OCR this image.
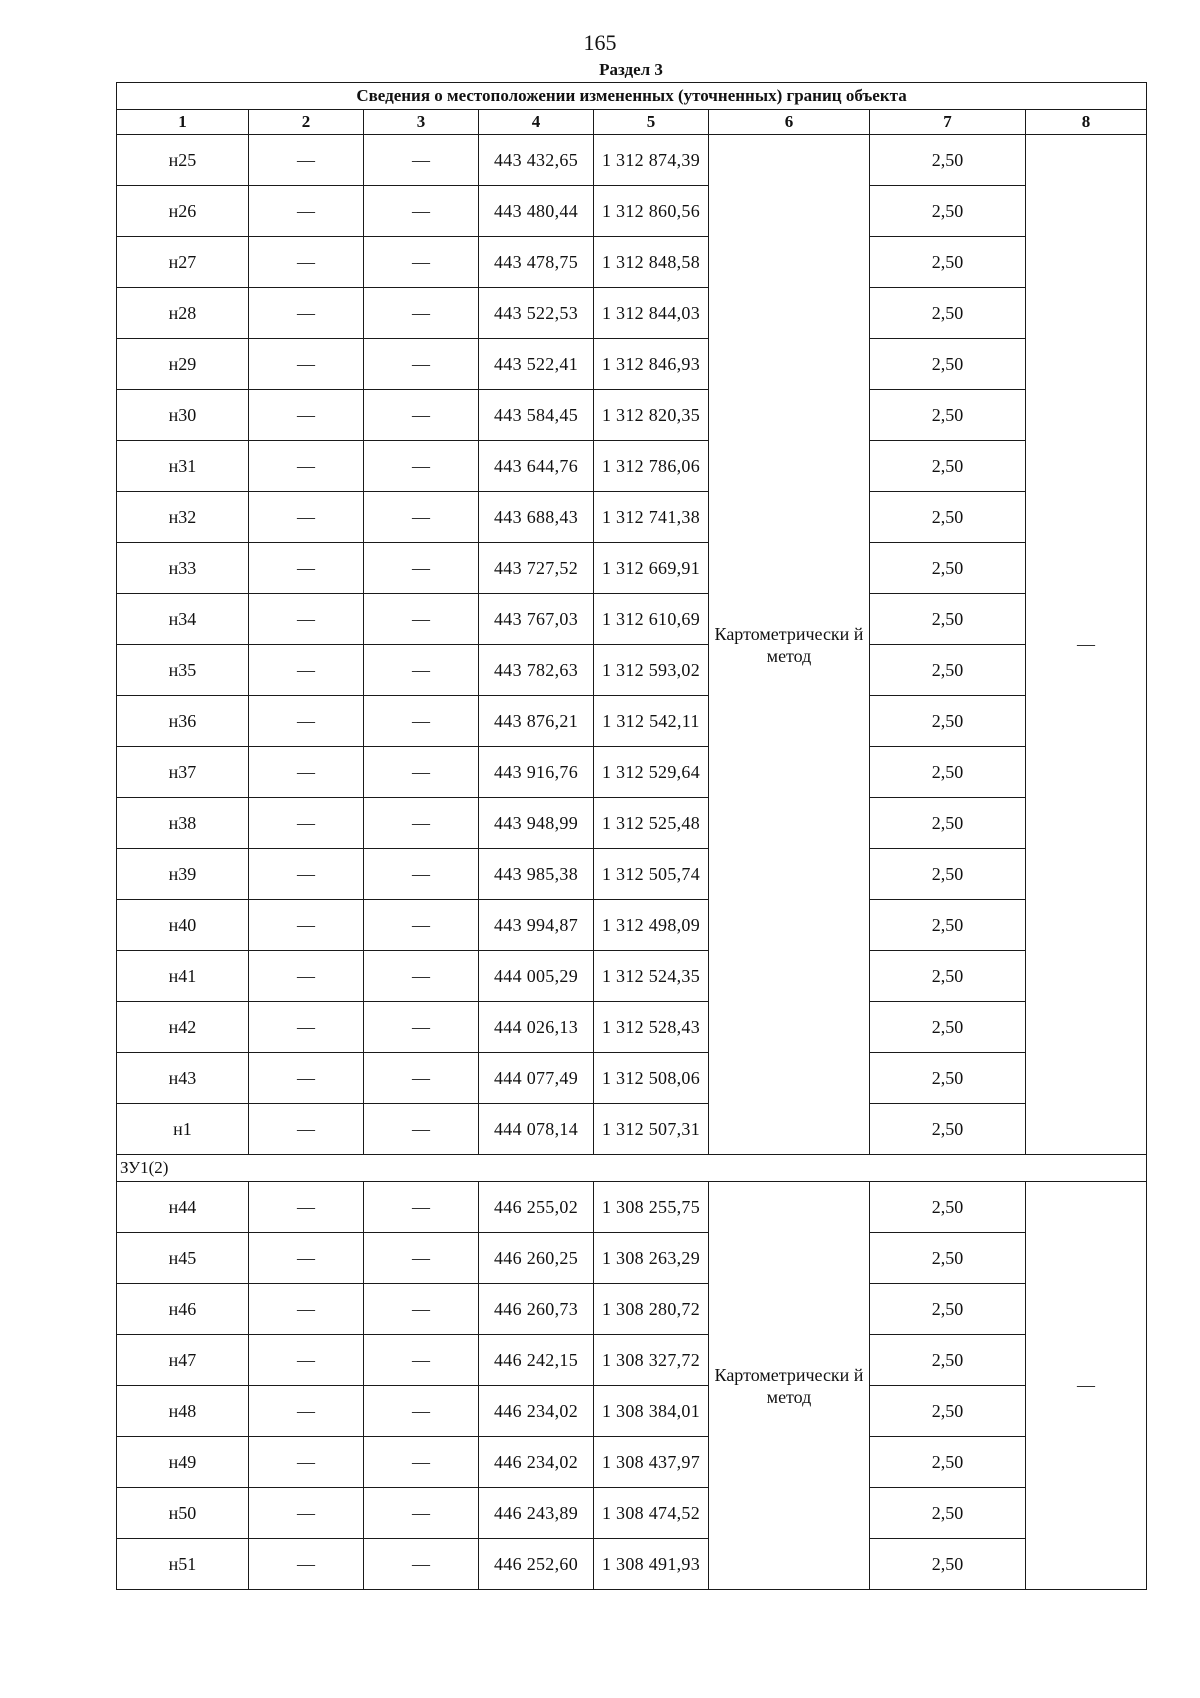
165
Раздел 3
Сведения о местоположении измененных (уточненных) границ объекта							
1	2	3	4	5	6	7	8
н25	—	—	443 432,65	1 312 874,39	Картометрически й метод	2,50	—
н26	—	—	443 480,44	1 312 860,56		2,50	
н27	—	—	443 478,75	1 312 848,58		2,50	
н28	—	—	443 522,53	1 312 844,03		2,50	
н29	—	—	443 522,41	1 312 846,93		2,50	
н30	—	—	443 584,45	1 312 820,35		2,50	
н31	—	—	443 644,76	1 312 786,06		2,50	
н32	—	—	443 688,43	1 312 741,38		2,50	
н33	—	—	443 727,52	1 312 669,91		2,50	
н34	—	—	443 767,03	1 312 610,69		2,50	
н35	—	—	443 782,63	1 312 593,02		2,50	
н36	—	—	443 876,21	1 312 542,11		2,50	
н37	—	—	443 916,76	1 312 529,64		2,50	
н38	—	—	443 948,99	1 312 525,48		2,50	
н39	—	—	443 985,38	1 312 505,74		2,50	
н40	—	—	443 994,87	1 312 498,09		2,50	
н41	—	—	444 005,29	1 312 524,35		2,50	
н42	—	—	444 026,13	1 312 528,43		2,50	
н43	—	—	444 077,49	1 312 508,06		2,50	
н1	—	—	444 078,14	1 312 507,31		2,50	
ЗУ1(2)							
н44	—	—	446 255,02	1 308 255,75	Картометрически й метод	2,50	—
н45	—	—	446 260,25	1 308 263,29		2,50	
н46	—	—	446 260,73	1 308 280,72		2,50	
н47	—	—	446 242,15	1 308 327,72		2,50	
н48	—	—	446 234,02	1 308 384,01		2,50	
н49	—	—	446 234,02	1 308 437,97		2,50	
н50	—	—	446 243,89	1 308 474,52		2,50	
н51	—	—	446 252,60	1 308 491,93		2,50	
